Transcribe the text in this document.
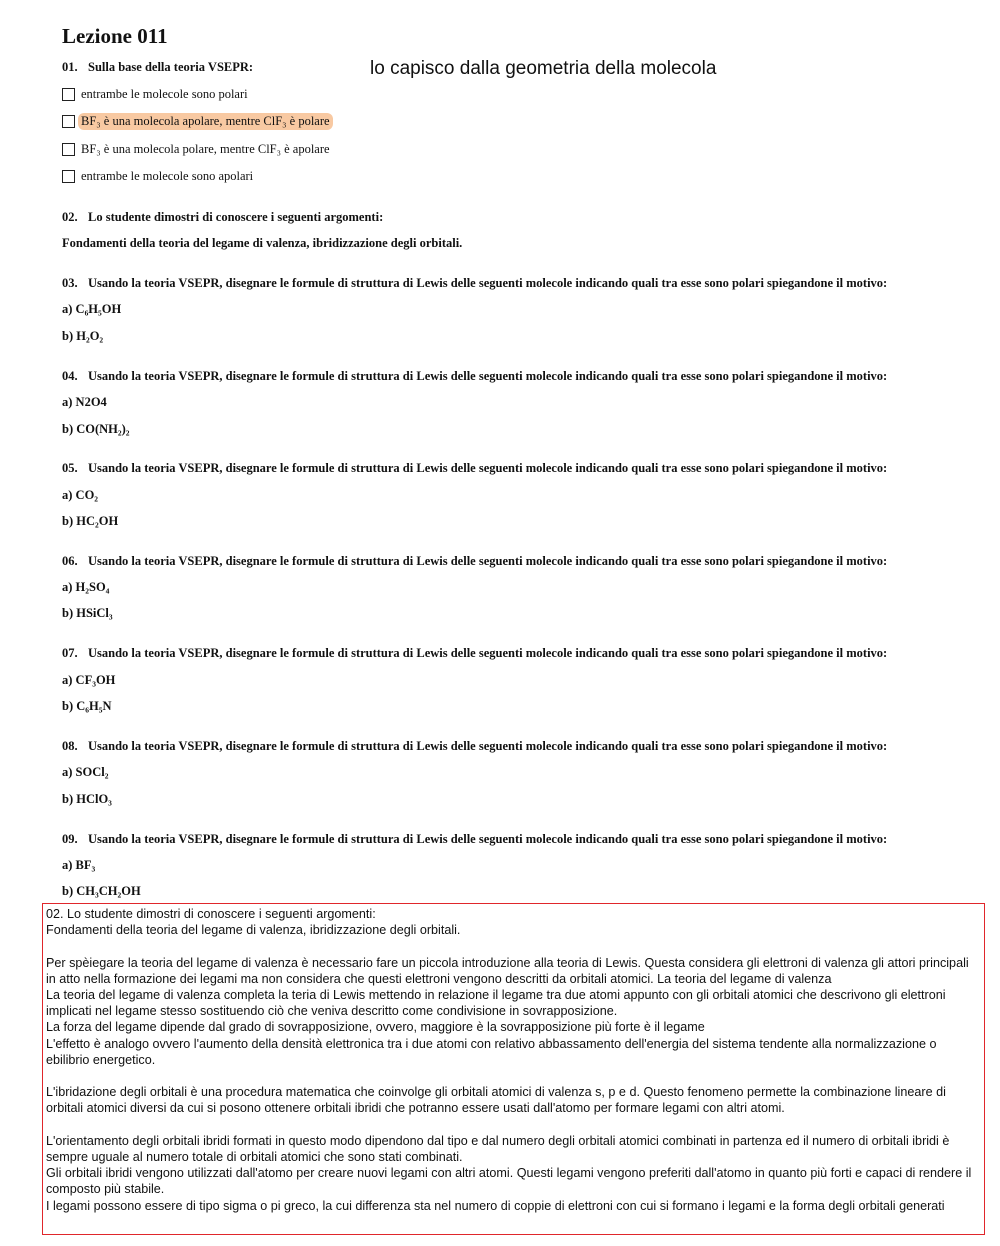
Lezione 011
lo capisco dalla geometria della molecola
01. Sulla base della teoria VSEPR:
entrambe le molecole sono polari
BF₃ è una molecola apolare, mentre ClF₃ è polare
BF₃ è una molecola polare, mentre ClF₃ è apolare
entrambe le molecole sono apolari
02. Lo studente dimostri di conoscere i seguenti argomenti:
Fondamenti della teoria del legame di valenza, ibridizzazione degli orbitali.
03. Usando la teoria VSEPR, disegnare le formule di struttura di Lewis delle seguenti molecole indicando quali tra esse sono polari spiegandone il motivo:
a) C₆H₅OH
b) H₂O₂
04. Usando la teoria VSEPR, disegnare le formule di struttura di Lewis delle seguenti molecole indicando quali tra esse sono polari spiegandone il motivo:
a) N2O4
b) CO(NH₂)₂
05. Usando la teoria VSEPR, disegnare le formule di struttura di Lewis delle seguenti molecole indicando quali tra esse sono polari spiegandone il motivo:
a) CO₂
b) HC₂OH
06. Usando la teoria VSEPR, disegnare le formule di struttura di Lewis delle seguenti molecole indicando quali tra esse sono polari spiegandone il motivo:
a) H₂SO₄
b) HSiCl₃
07. Usando la teoria VSEPR, disegnare le formule di struttura di Lewis delle seguenti molecole indicando quali tra esse sono polari spiegandone il motivo:
a) CF₃OH
b) C₆H₅N
08. Usando la teoria VSEPR, disegnare le formule di struttura di Lewis delle seguenti molecole indicando quali tra esse sono polari spiegandone il motivo:
a) SOCl₂
b) HClO₃
09. Usando la teoria VSEPR, disegnare le formule di struttura di Lewis delle seguenti molecole indicando quali tra esse sono polari spiegandone il motivo:
a) BF₃
b) CH₃CH₂OH

02. Lo studente dimostri di conoscere i seguenti argomenti:

Fondamenti della teoria del legame di valenza, ibridizzazione degli orbitali.

Per spèiegare la teoria del legame di valenza è necessario fare un piccola introduzione alla teoria di Lewis. Questa considera gli elettroni di valenza gli attori principali in atto nella formazione dei legami ma non considera che questi elettroni vengono descritti da orbitali atomici. La teoria del legame di valenza

La teoria del legame di valenza completa la teria di Lewis mettendo in relazione il legame tra due atomi appunto con gli orbitali atomici che descrivono gli elettroni implicati nel legame stesso sostituendo ciò che veniva descritto come condivisione in sovrapposizione.

La forza del legame dipende dal grado di sovrapposizione, ovvero, maggiore è la sovrapposizione più forte è il legame

L'effetto è analogo ovvero l'aumento della densità elettronica tra i due atomi con relativo abbassamento dell'energia del sistema tendente alla normalizzazione o ebilibrio energetico.

L'ibridazione degli orbitali è una procedura matematica che coinvolge gli orbitali atomici di valenza s, p e d. Questo fenomeno permette la combinazione lineare di orbitali atomici diversi da cui si posono ottenere orbitali ibridi che potranno essere usati dall'atomo per formare legami con altri atomi.

L'orientamento degli orbitali ibridi formati in questo modo dipendono dal tipo e dal numero degli orbitali atomici combinati in partenza ed il numero di orbitali ibridi è sempre uguale al numero totale di orbitali atomici che sono stati combinati.

Gli orbitali ibridi vengono utilizzati dall'atomo per creare nuovi legami con altri atomi. Questi legami vengono preferiti dall'atomo in quanto più forti e capaci di rendere il composto più stabile.

I legami possono essere di tipo sigma o pi greco, la cui differenza sta nel numero di coppie di elettroni con cui si formano i legami e la forma degli orbitali generati
